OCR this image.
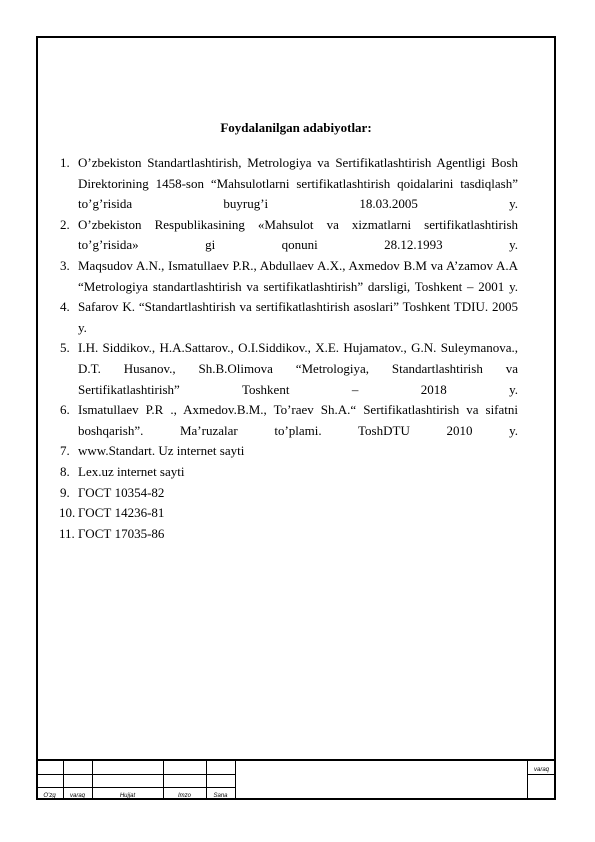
Foydalanilgan adabiyotlar:
1. O’zbekiston Standartlashtirish, Metrologiya va Sertifikatlashtirish Agentligi Bosh Direktorining 1458-son “Mahsulotlarni sertifikatlashtirish qoidalarini tasdiqlash” to’g’risida buyrug’i 18.03.2005 y.
2. O’zbekiston Respublikasining «Mahsulot va xizmatlarni sertifikatlashtirish to’g’risida» gi qonuni 28.12.1993 y.
3. Maqsudov A.N., Ismatullaev P.R., Abdullaev A.X., Axmedov B.M va A’zamov A.A “Metrologiya standartlashtirish va sertifikatlashtirish” darsligi, Toshkent – 2001 y.
4. Safarov K. “Standartlashtirish va sertifikatlashtirish asoslari” Toshkent TDIU. 2005 y.
5. I.H. Siddikov., H.A.Sattarov., O.I.Siddikov., X.E. Hujamatov., G.N. Suleymanova., D.T. Husanov., Sh.B.Olimova “Metrologiya, Standartlashtirish va Sertifikatlashtirish” Toshkent – 2018 y.
6. Ismatullaev P.R ., Axmedov.B.M., To’raev Sh.A.“ Sertifikatlashtirish va sifatni boshqarish”. Ma’ruzalar to’plami. ToshDTU 2010 y.
7. www.Standart. Uz internet sayti
8. Lex.uz internet sayti
9. ГОСТ 10354-82
10. ГОСТ 14236-81
11. ГОСТ 17035-86
O’zg	varaq	Hujjat	Imzo	Sana
varaq
